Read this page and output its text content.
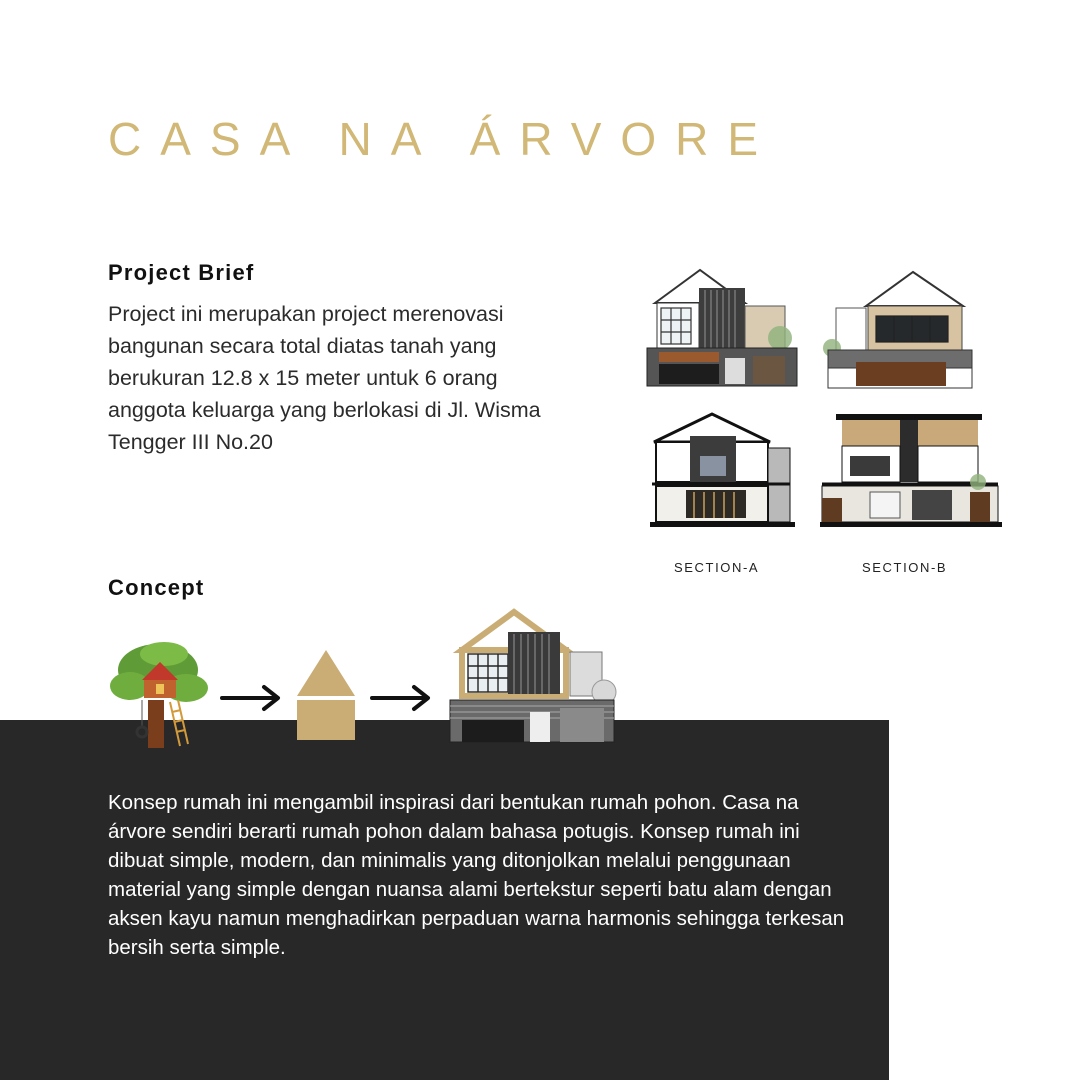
CASA NA ÁRVORE
Project Brief

Project ini merupakan project merenovasi bangunan secara total diatas tanah yang berukuran 12.8 x 15 meter untuk 6 orang anggota keluarga yang berlokasi di Jl. Wisma Tengger III No.20

SECTION-A	SECTION-B

Concept

Konsep rumah ini mengambil inspirasi dari bentukan rumah pohon. Casa na árvore sendiri berarti rumah pohon dalam bahasa potugis. Konsep rumah ini dibuat simple, modern, dan minimalis yang ditonjolkan melalui penggunaan material yang simple dengan nuansa alami bertekstur seperti batu alam dengan aksen kayu namun menghadirkan perpaduan warna harmonis sehingga terkesan bersih serta simple.
